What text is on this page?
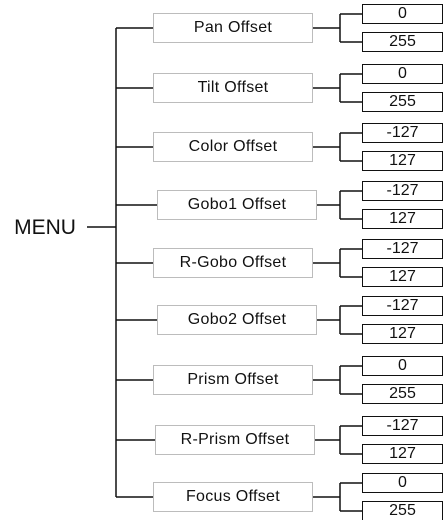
MENU
Pan Offset
0
255
Tilt Offset
0
255
Color Offset
-127
127
Gobo1 Offset
-127
127
R-Gobo Offset
-127
127
Gobo2 Offset
-127
127
Prism Offset
0
255
R-Prism Offset
-127
127
Focus Offset
0
255
